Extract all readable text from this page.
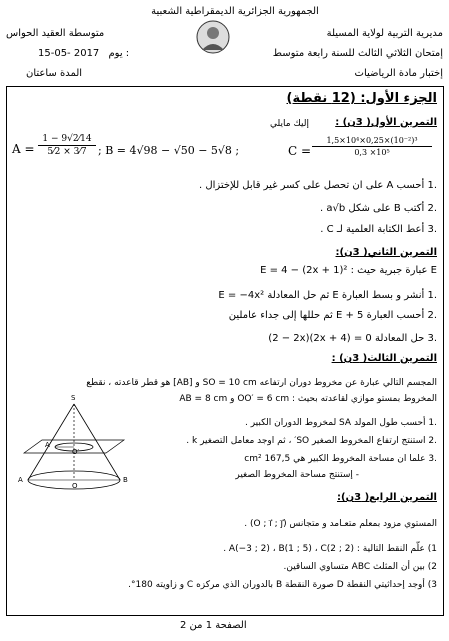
الجمهورية الجزائرية الديمقراطية الشعبية
مديرية التربية لولاية المسيلة
متوسطة العقيد الحواس
إمتحان الثلاثي الثالث للسنة رابعة متوسط
15-05- 2017 يوم :
إختبار مادة الرياضيات
المدة ساعتان
الجزء الأول: (12 نقطة)
التمرين الأول( 3ن) :
إليك مايلي
$A = \frac{1 - 9√2⁄14}{5⁄2 \times 3⁄7}$ ; B = 4√98 − √50 − 5√8 ;	$C = \frac{\text{1,5×10⁴×0,25×(10⁻²)³}}{\text{0,3 ×10⁵}}$
.1 أحسب A على ان تحصل على كسر غير قابل للإختزال .
.2 أكتب B على شكل a√b .
.3 أعط الكتابة العلمية لـ C .
التمرين الثاني( 3ن):
E عبارة جبرية حيث : E = 4 − (2x + 1)²
.1 أنشر و بسط العبارة E ثم حل المعادلة E = −4x²
.2 أحسب العبارة E + 5 ثم حللها إلى جداء عاملين
.3 حل المعادلة 0 = (2x + 4)(2 − 2x)
التمرين الثالث( 3ن) :
المجسم التالي عبارة عن مخروط دوران ارتفاعه SO = 10 cm و [AB] هو قطر قاعدته ، نقطع
المخروط بمستو موازي لقاعدته بحيث : OO′ = 6 cm و AB = 8 cm
.1 أحسب طول المولد SA لمخروط الدوران الكبير .
.2 استنتج ارتفاع المخروط الصغير SO′ ، ثم اوجد معامل التصغير k .
.3 علما ان مساحة المخروط الكبير هي 167,5 cm²
- إستنتج مساحة المخروط الصغير
S
A′
O′
A
O
B
التمرين الرابع( 3ن):
المستوي مزود بمعلم متعـامد و متجانس (O ; i⃗ ; j⃗) .
1) علّم النقط التالية : A(−3 ; 2) ، B(1 ; 5) ، C(2 ; 2) .
2) بين أن المثلث ABC متساوي الساقين.
3) أوجد إحداثيتي النقطة D صورة النقطة B بالدوران الذي مركزه C و زاويته 180°.
الصفحة 1 من 2
